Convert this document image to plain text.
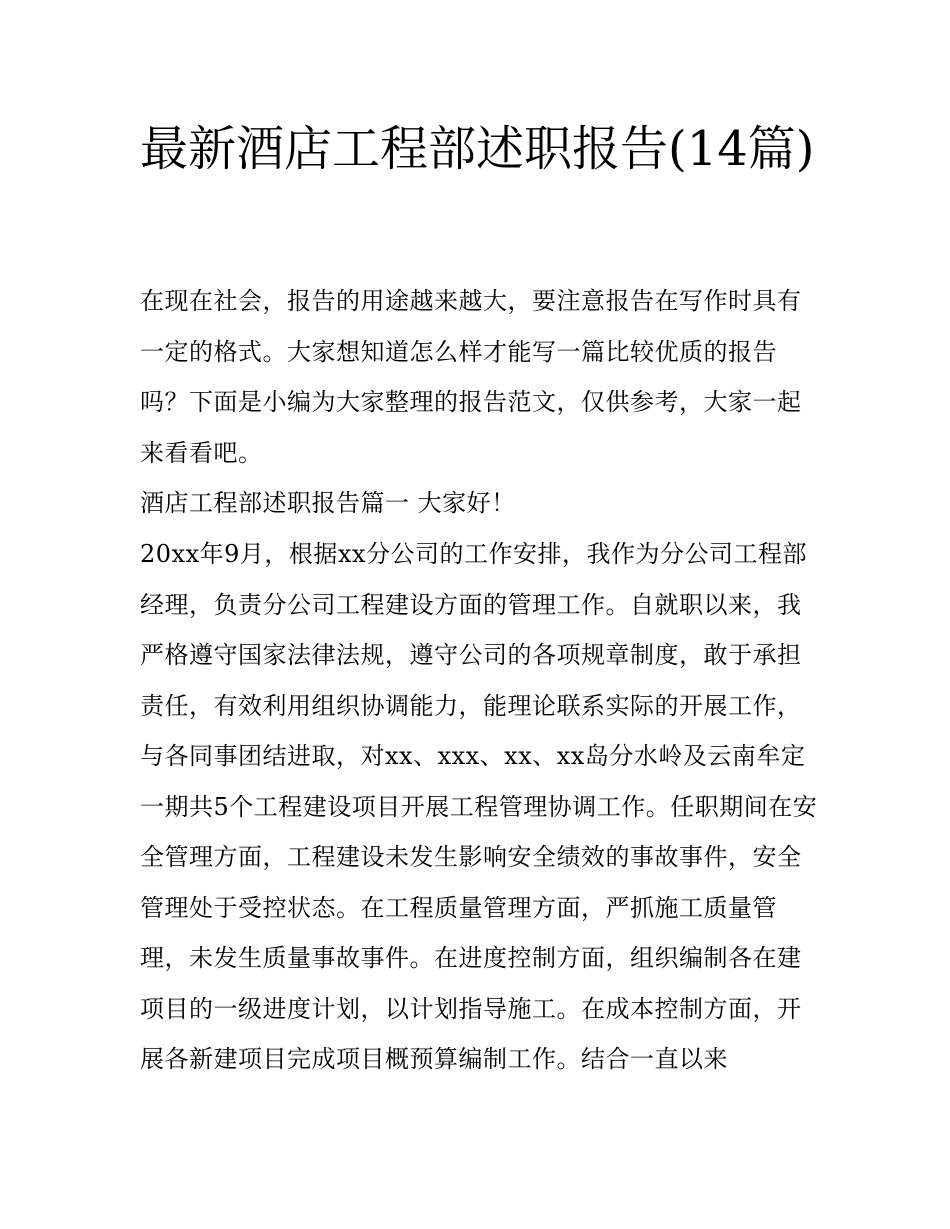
最新酒店工程部述职报告(14篇)

在现在社会，报告的用途越来越大，要注意报告在写作时具有一定的格式。大家想知道怎么样才能写一篇比较优质的报告吗？下面是小编为大家整理的报告范文，仅供参考，大家一起来看看吧。

酒店工程部述职报告篇一 大家好！

20xx年9月，根据xx分公司的工作安排，我作为分公司工程部经理，负责分公司工程建设方面的管理工作。自就职以来，我严格遵守国家法律法规，遵守公司的各项规章制度，敢于承担责任，有效利用组织协调能力，能理论联系实际的开展工作，与各同事团结进取，对xx、xxx、xx、xx岛分水岭及云南牟定一期共5个工程建设项目开展工程管理协调工作。任职期间在安全管理方面，工程建设未发生影响安全绩效的事故事件，安全管理处于受控状态。在工程质量管理方面，严抓施工质量管理，未发生质量事故事件。在进度控制方面，组织编制各在建项目的一级进度计划，以计划指导施工。在成本控制方面，开展各新建项目完成项目概预算编制工作。结合一直以来
